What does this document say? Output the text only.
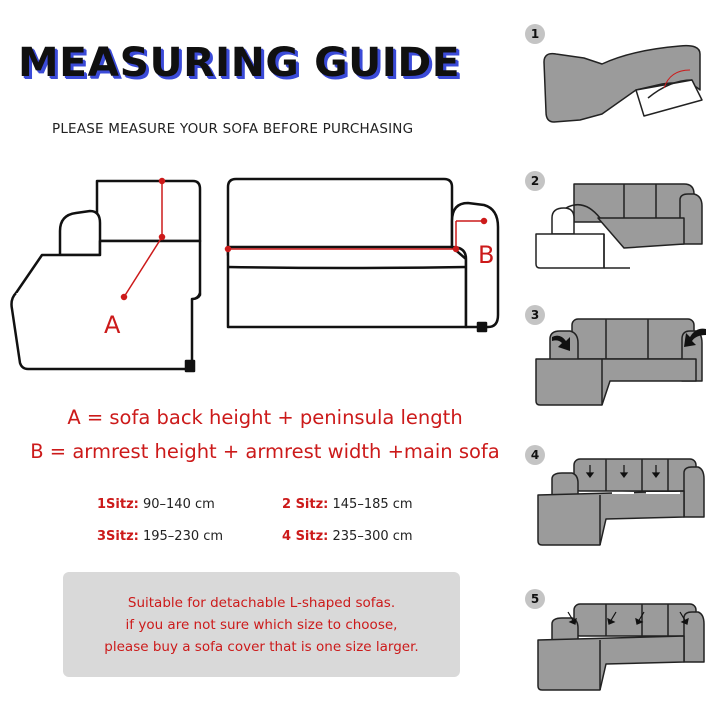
MEASURING GUIDE
PLEASE MEASURE YOUR SOFA BEFORE PURCHASING
A
B
A = sofa back height + peninsula length
B = armrest height + armrest width +main sofa
1Sitz: 90–140 cm	2 Sitz: 145–185 cm
3Sitz: 195–230 cm	4 Sitz: 235–300 cm
Suitable for detachable L-shaped sofas.
if you are not sure which size to choose,
please buy a sofa cover that is one size larger.
1
2
3
4
5
